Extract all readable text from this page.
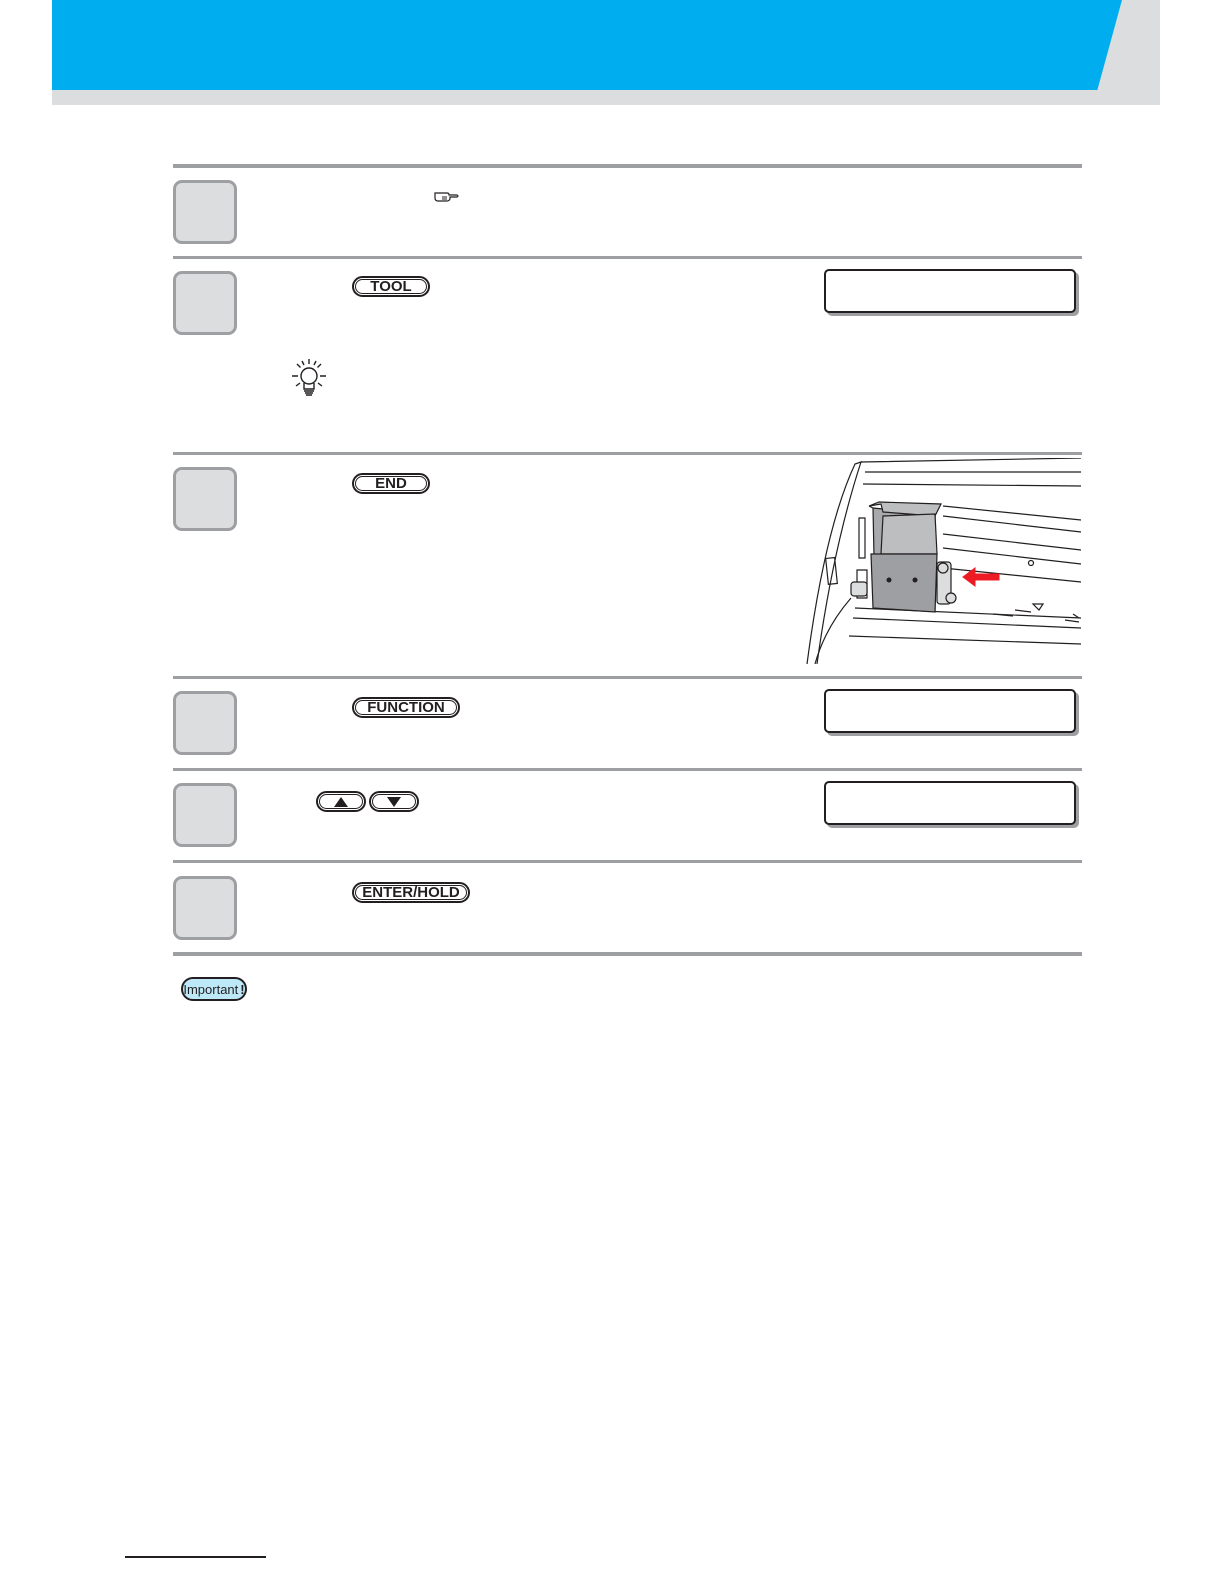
TOOL
END
FUNCTION
ENTER/HOLD
Important !
